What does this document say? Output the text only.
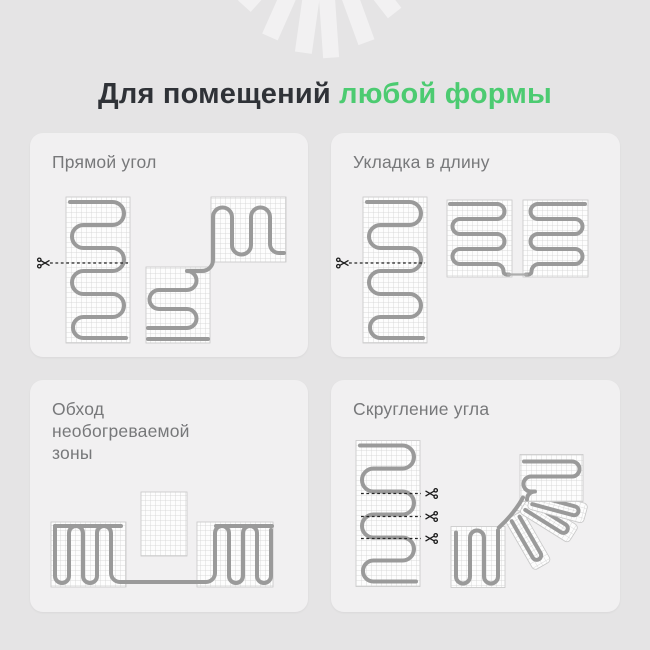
Для помещений любой формы
Прямой угол	Укладка в длину
Обход необогреваемой зоны
Скругление угла
